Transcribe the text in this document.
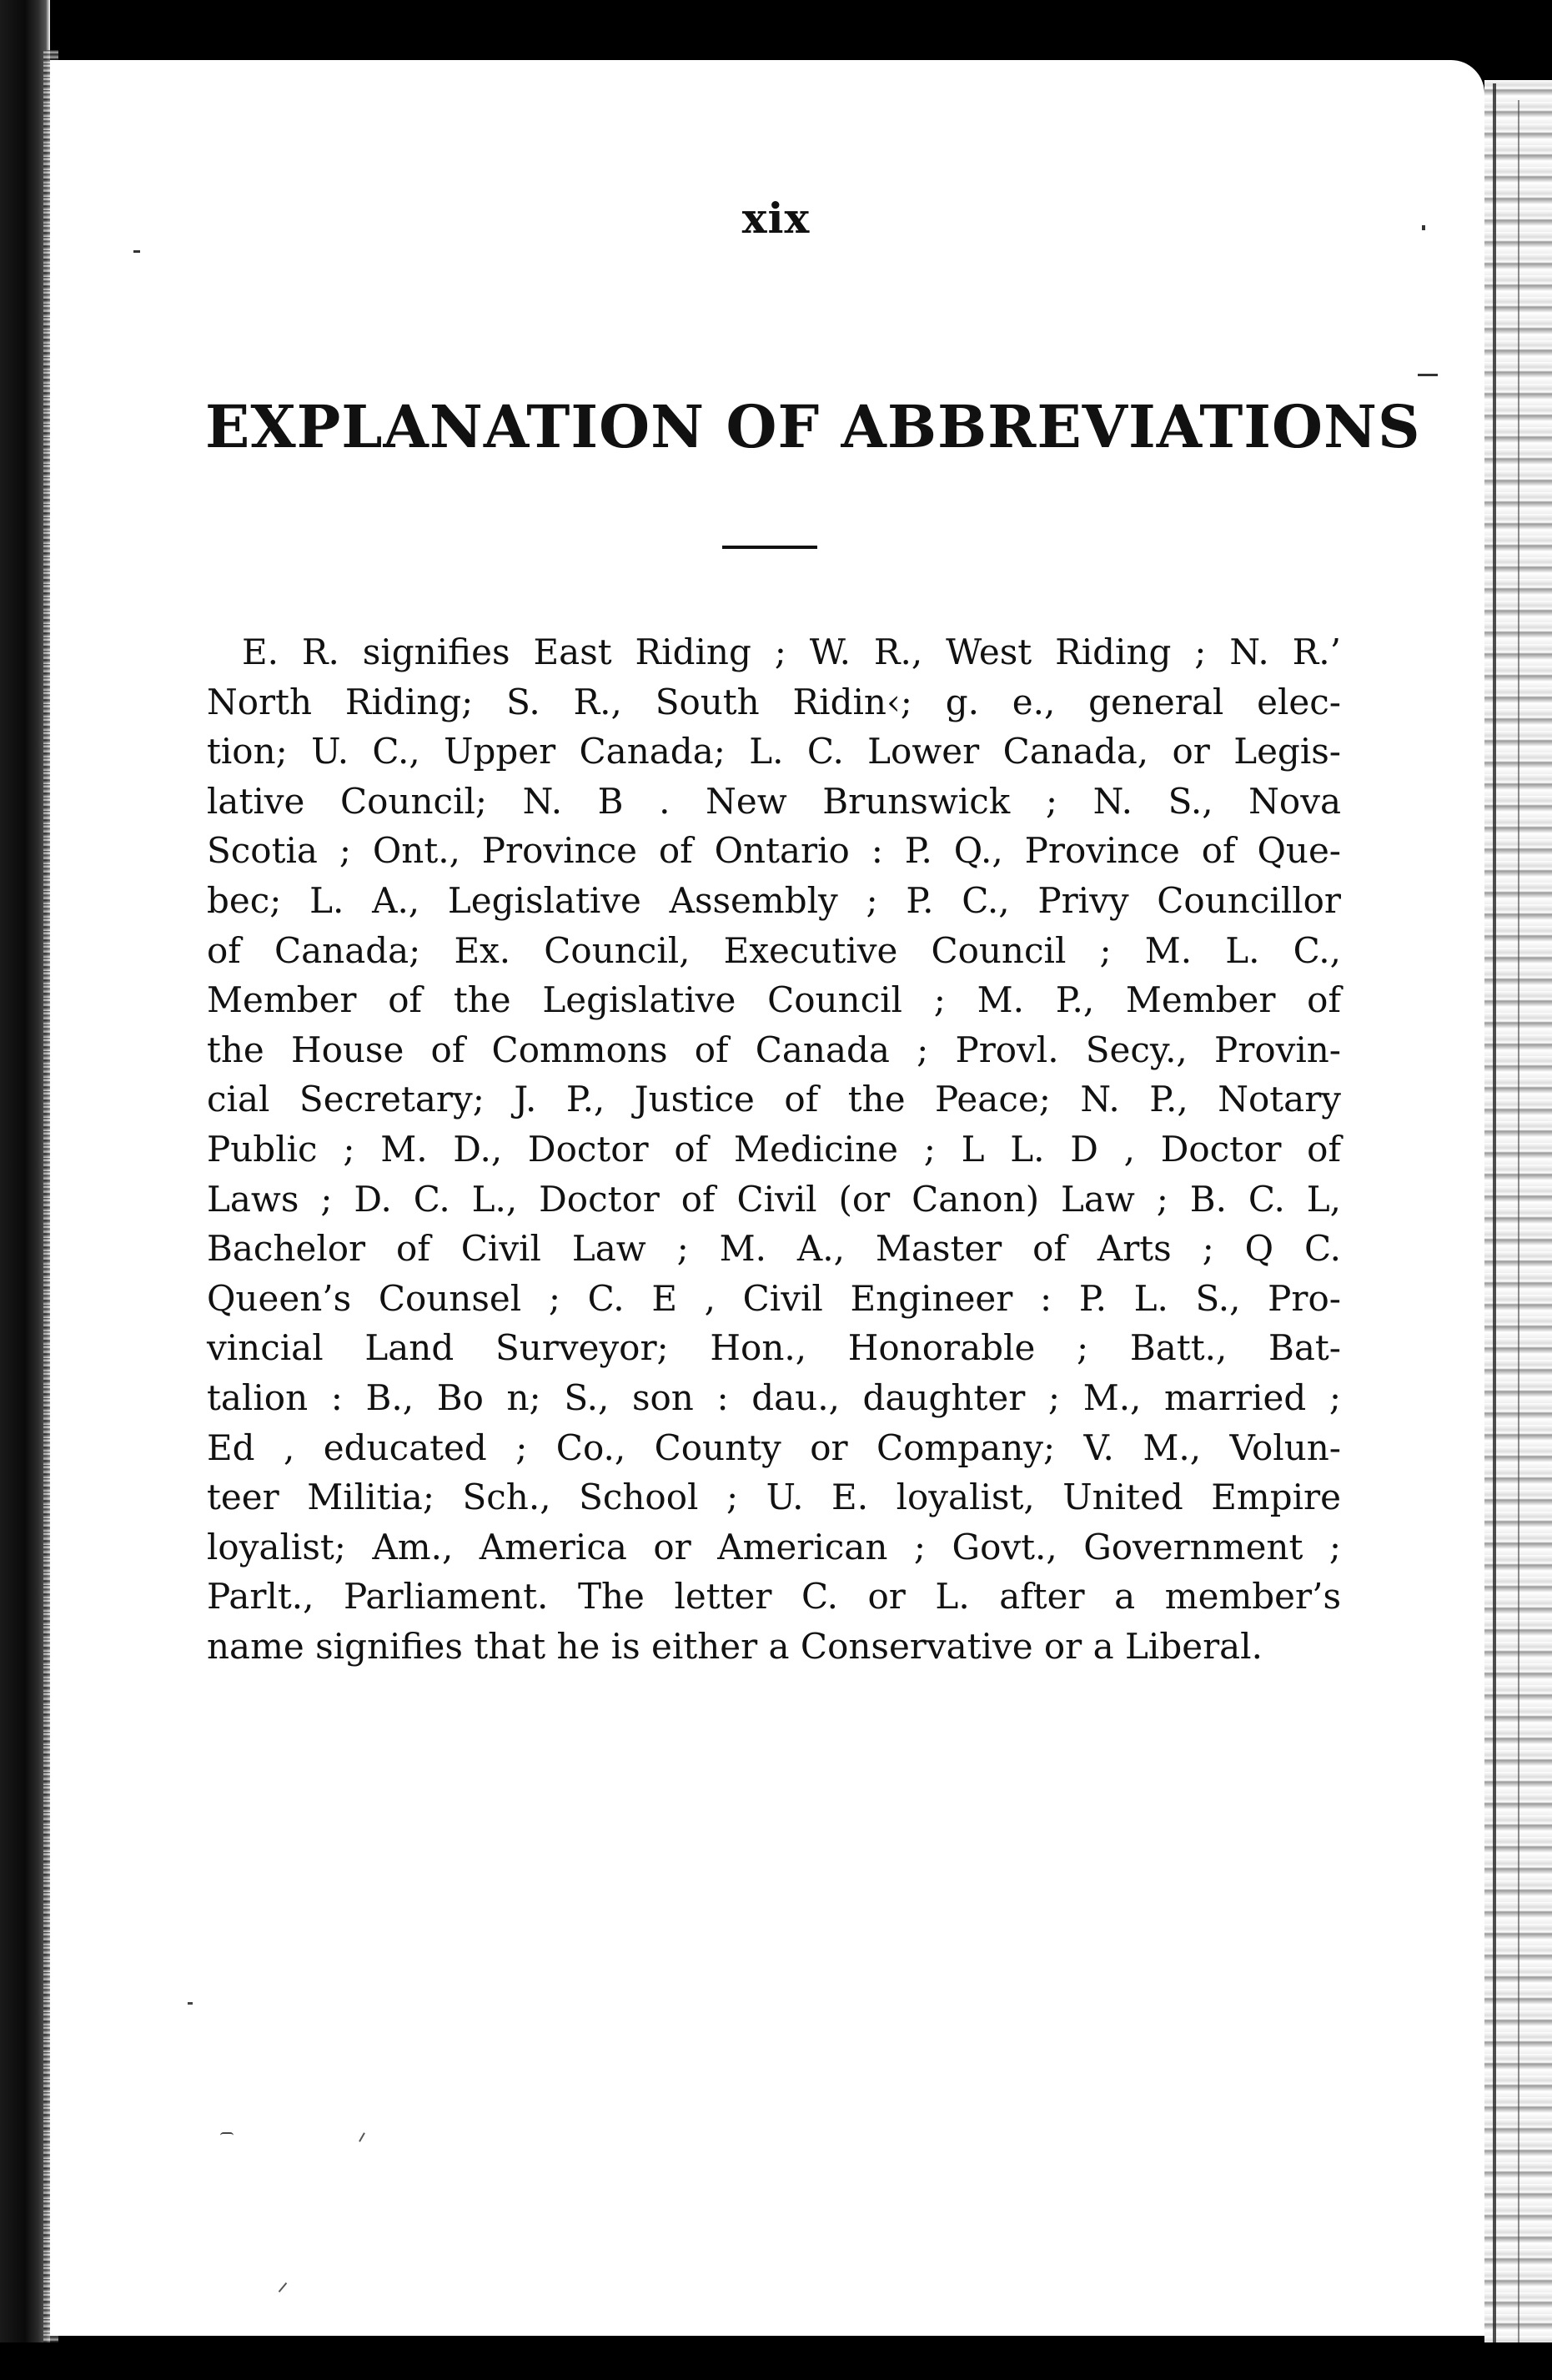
xix
EXPLANATION OF ABBREVIATIONS
E. R. signifies East Riding ; W. R., West Riding ; N. R.’
North Riding; S. R., South Ridin‹; g. e., general elec-
tion; U. C., Upper Canada; L. C. Lower Canada, or Legis-
lative Council; N. B . New Brunswick ; N. S., Nova
Scotia ; Ont., Province of Ontario : P. Q., Province of Que-
bec; L. A., Legislative Assembly ; P. C., Privy Councillor
of Canada; Ex. Council, Executive Council ; M. L. C.,
Member of the Legislative Council ; M. P., Member of
the House of Commons of Canada ; Provl. Secy., Provin-
cial Secretary; J. P., Justice of the Peace; N. P., Notary
Public ; M. D., Doctor of Medicine ; L L. D , Doctor of
Laws ; D. C. L., Doctor of Civil (or Canon) Law ; B. C. L,
Bachelor of Civil Law ; M. A., Master of Arts ; Q C.
Queen’s Counsel ; C. E , Civil Engineer : P. L. S., Pro-
vincial Land Surveyor; Hon., Honorable ; Batt., Bat-
talion : B., Bo n; S., son : dau., daughter ; M., married ;
Ed , educated ; Co., County or Company; V. M., Volun-
teer Militia; Sch., School ; U. E. loyalist, United Empire
loyalist; Am., America or American ; Govt., Government ;
Parlt., Parliament. The letter C. or L. after a member’s
name signifies that he is either a Conservative or a Liberal.
